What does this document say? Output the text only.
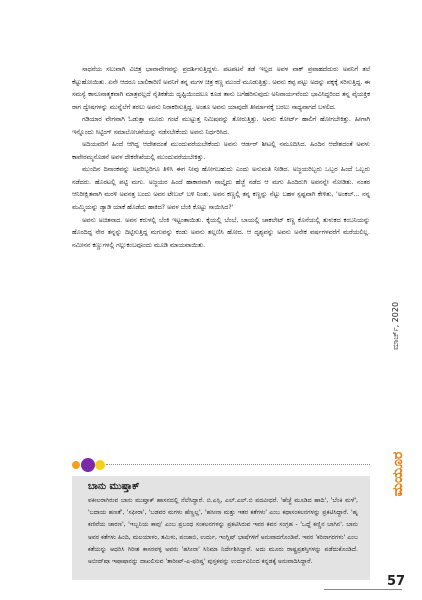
ಸಾಧನೆಯ ಸಲುವಾಗಿ ವಿಚಿತ್ರ ಭಾವಾವೇಗವನ್ನು ಪ್ರದರ್ಶಿಸುತ್ತಿದ್ದಳು. ಪಟಪಟನೆ ತಡೆ ಇಲ್ಲದ ಅವಳ ವಾಕ್ ಪ್ರವಾಹದೆದುರು ಅವನಿಗೆ ತಲೆ ಕೆಟ್ಟುಹೋಯಿತು. ಏನೇ ಆದರೂ ಬಾಲಿಕಾರಿಣಿ ಅವನಿಗೆ ತನ್ನ ಮಗಳ ಚಿತ್ರ ಕಣ್ಣ ಮುಂದೆ ಮೂಡುತ್ತಿತ್ತು. ಅವನು ಕಪ್ಪ ಪಟ್ಟು ಅದನ್ನು ಪಕ್ಕಕ್ಕೆ ಸರಿಸುತ್ತಿದ್ದ. ಈ ಸಮಸ್ಯೆ ಕಾನೂನಾತ್ಮಕವಾಗಿ ಮಾತ್ರವಲ್ಲದೆ ನೈತಿಕತೆಯ ದೃಷ್ಟಿಯಿಂದಲೂ ಕೂಡ ತಾನು ಬಗೆಹರಿಸುವುದು ಅನಿವಾರ್ಯವೆಂದು ಭಾವಿಸಿದ್ದರಿಂದ ತನ್ನ ವೈಯಕ್ತಿಕ ರಾಗ ದ್ವೇಷಗಳನ್ನು ಮುನ್ನೆಲೆಗೆ ತರಲು ಅವನು ನಿರಾಕರಿಸುತ್ತಿದ್ದ. ಅಂತೂ ಅವನು ಯಾವುದೇ ತೀರ್ಮಾನಕ್ಕೆ ಬರಲು ಸಾಧ್ಯವಾಗದೆ ಬಳಲಿದ.

ಗಡಿಯಾರ ವೇಗವಾಗಿ ಓಡುತ್ತಾ ಮೂರು ಗಂಟೆ ಮುಟ್ಟುತ್ತ ನಿಮಿಷವನ್ನು ತೋರುತ್ತಿತ್ತು. ಅವನು ಕೋರ್ಟ್ ಹಾಲಿಗೆ ಹೋಗಬೇಕಿತ್ತು. ಹೀಗಾಗಿ ಇನ್ನೊಂದು ಸಿಟ್ಟಿಂಗ್ ಸಮಾಲೋಚನೆಯನ್ನು ನಡೆಸಬೇಕೆಂದು ಅವನು ನಿರ್ಧರಿಸಿದ.

ಅದಿಯವರಿಗೆ ಹಿಂದೆ ಆಗಿದ್ದ ಆದೇಶದಂತೆ ಮುಂದುವರೆಯಬೇಕೆಂದು ಅವನು ಆರ್ಡರ್ ಶೀಟಲ್ಲಿ ನಮೂದಿಸಿದ. ಹಿಂದಿನ ಆದೇಶದಂತೆ ಅವಳು ಕಾವೇರಮ್ಮನೊಡನೆ ಅವಳ ದೇಕರೇಖೆಯಲ್ಲಿ ಮುಂದುವರೆಯಬೇಕಿತ್ತು.

ಮುಂದಿನ ದಿನಾಂಕವನ್ನು ಅವರಿಬ್ಬರಿಗೂ ತಿಳಿಸಿ ಈಗ ನೀವು ಹೋಗಬಹುದು ಎಂದು ಅನುಮತಿ ನೀಡಿದ. ಅಜ್ಜಯರಿಬ್ಬರು ಒಬ್ಬರ ಹಿಂದೆ ಒಬ್ಬರು ನಡೆದರು. ಹೊರಟಲ್ಲಿ ಪಟ್ಟಿ ಮಗು. ಅಜ್ಜಯರ ಹಿಂದೆ ಹಾಕಾರವಾಗಿ ನಾಲ್ಕೈದು ಹೆಜ್ಜೆ ನಡೆದ ಆ ಮಗು ಹಿಂದಿರುಗಿ ಅವನನ್ನೇ ನೋಡಿತು. ನಂತರ ಆನಿರೀಕ್ಷಿತವಾಗಿ ಮರಳಿ ಅವನತ್ತ ಬಂದು ಅವನ ಟೇಬಲ್ ಬಳಿ ನಿಂತು, ಅವನ ಕಣ್ಣಲ್ಲಿ ತನ್ನ ಕಣ್ಣನ್ನು ನೆಟ್ಟು ಬಹಳ ಸ್ಪಷ್ಟವಾಗಿ ಕೇಳಿತು, 'ಅಂಕಲ್... ನನ್ನ ಮಮ್ಮಿಯನ್ನು ಡ್ಯಾಡಿ ಯಾಕೆ ಹೊಡೆದು ಹಾಕಿದ? ಅವಳ ಬೆಂಕಿ ಕೊಟ್ಟು ಸಾಯಿಸಿದ?'

ಅವನು ಅಚಿತನಾದ. ಅವನ ಕರುಳಲ್ಲಿ ಬೆಂಕಿ ಇಟ್ಟಂತಾಯಿತು. ಕೈಯಲ್ಲಿ ಬೆಂಬೆ, ಬಾಯಲ್ಲಿ ಚಾಕಲೇಟ್ ಕಣ್ಣ ಕೊನೆಯಲ್ಲಿ ತುಳುಕದ ಕಂಬನಿಯನ್ನು ಹೊಂದಿದ್ದ ನೇರ ತನ್ನನ್ನು ದಿಟ್ಟಿಸುತ್ತಿದ್ದ ಮಗುವನ್ನು ಕಂಡು ಅವನು ತಲ್ಲಣಿಸಿ ಹೋದ. ಆ ದೃಶ್ಯವನ್ನು ಅವನು ಅನೇಕ ವರ್ಷಗಳವರೆಗೆ ಮರೆಯಲಿಲ್ಲ. ನಮೀನನ ಕಣ್ಣುಗಳಲ್ಲಿ ಗಲ್ಲುಕಂಬವೂಂದು ಮೂಡಿ ಮಾಯವಾಯಿತು.

ಬಾನು ಮುಷ್ತಾಕ್
ವಕೀಲರಾಗಿರುವ ಬಾನು ಮುಷ್ತಾಕ್ ಹಾಸನದಲ್ಲಿ ನೆಲೆಸಿದ್ದಾರೆ. ಬಿ.ಎಸ್ಸಿ, ಎಲ್.ಎಲ್.ಬಿ ಪದವೀಧರೆ. 'ಹೆಜ್ಜೆ ಮೂಡಿದ ಹಾದಿ', 'ಬೆಂಕಿ ಮಳೆ', 'ಬದಾಯ ಹಣತೆ', 'ಸಫೀರಾ', 'ಬಡವರ ಮಗಳು ಹೆಣ್ಣಲ್ಲ', 'ಹಸೀನಾ ಮತ್ತು ಇತರ ಕತೆಗಳು' ಎಂಬ ಕಥಾಸಂಕಲನಗಳನ್ನು ಪ್ರಕಟಿಸಿದ್ದಾರೆ. 'ಹೃ ಕಣಿವೆಯ ಚಾರಣ', 'ಇಬ್ಬನಿಯ ಕಾವು' ಎಂಬ ಪ್ರಬಂಧ ಸಂಕಲನಗಳನ್ನು ಪ್ರಕಟಿಸಿರುವ ಇವರ ಕವನ ಸಂಗ್ರಹ - 'ಒದ್ದೆ ಕಣ್ಣಿನ ಬಾಗಿನ'. ಬಾನು ಅವರ ಕತೆಗಳು ಹಿಂದಿ, ಮಲಯಾಳಂ, ತಮಿಳು, ಪಂಜಾಬಿ, ಉರ್ದು, ಇಂಗ್ಲಿಷ್ ಭಾಷೆಗಳಿಗೆ ಅನುವಾದಗೊಂಡಿವೆ. ಇವರ 'ಕರಿನಾಗರಗಳು' ಎಂಬ ಕತೆಯನ್ನು ಆಧರಿಸಿ ಗಿರೀಶ ಕಾಸರವಳ್ಳಿ ಅವರು 'ಹಸೀನಾ' ಸಿನಿಮಾ ನಿರ್ದೇಶಿಸಿದ್ದಾರೆ. ಅದು ಮೂರು ರಾಷ್ಟ್ರಪ್ರಶಸ್ತಿಗಳನ್ನು ಪಡೆದುಕೊಂಡಿದೆ. ಅಬೀದ್‌ಷಾ ಇಷಾಷಾನನ್ನು ದಾಖಲಿಸುವ 'ತಾರೀಖ್-ಎ-ಫರಿಷ್ತ' ಪುಸ್ತಕವನ್ನು ಉರ್ದುವಿನಿಂದ ಕನ್ನಡಕ್ಕೆ ಅನುವಾದಿಸಿದ್ದಾರೆ.
ಮಾರ್ಚ್, 2020
ಮಯೂರ
57
